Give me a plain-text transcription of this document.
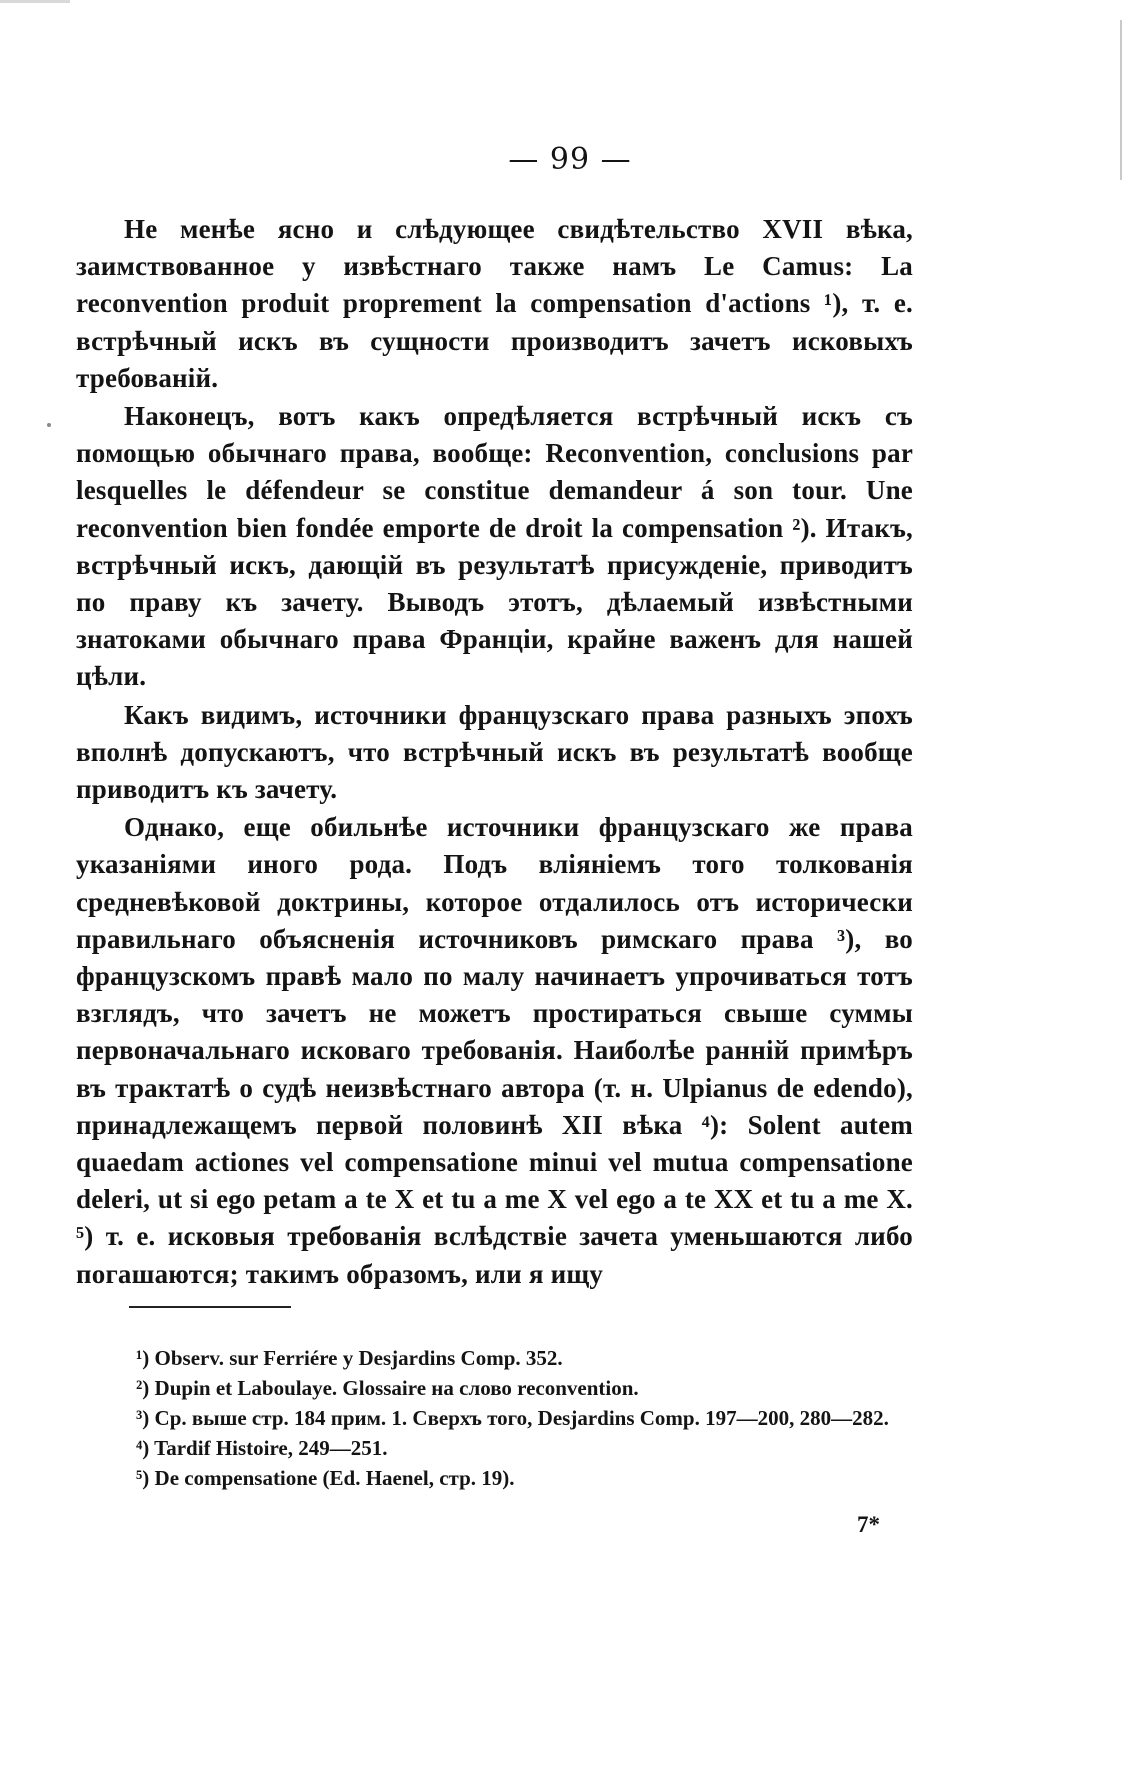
— 99 —

Не менѣе ясно и слѣдующее свидѣтельство XVII вѣка, заимствованное у извѣстнаго также намъ Le Camus: La reconvention produit proprement la compensation d'actions ¹), т. е. встрѣчный искъ въ сущности производитъ зачетъ исковыхъ требованій.

Наконецъ, вотъ какъ опредѣляется встрѣчный искъ съ помощью обычнаго права, вообще: Reconvention, conclusions par lesquelles le défendeur se constitue demandeur á son tour. Une reconvention bien fondée emporte de droit la compensation ²). Итакъ, встрѣчный искъ, дающій въ результатѣ присужденіе, приводитъ по праву къ зачету. Выводъ этотъ, дѣлаемый извѣстными знатоками обычнаго права Франціи, крайне важенъ для нашей цѣли.

Какъ видимъ, источники французскаго права разныхъ эпохъ вполнѣ допускаютъ, что встрѣчный искъ въ результатѣ вообще приводитъ къ зачету.

Однако, еще обильнѣе источники французскаго же права указаніями иного рода. Подъ вліяніемъ того толкованія средневѣковой доктрины, которое отдалилось отъ исторически правильнаго объясненія источниковъ римскаго права ³), во французскомъ правѣ мало по малу начинаетъ упрочиваться тотъ взглядъ, что зачетъ не можетъ простираться свыше суммы первоначальнаго исковаго требованія. Наиболѣе ранній примѣръ въ трактатѣ о судѣ неизвѣстнаго автора (т. н. Ulpianus de edendo), принадлежащемъ первой половинѣ XII вѣка ⁴): Solent autem quaedam actiones vel compensatione minui vel mutua compensatione deleri, ut si ego petam a te X et tu a me X vel ego a te XX et tu a me X. ⁵) т. е. исковыя требованія вслѣдствіе зачета уменьшаются либо погашаются; такимъ образомъ, или я ищу

¹) Observ. sur Ferriére y Desjardins Comp. 352.

²) Dupin et Laboulaye. Glossaire на слово reconvention.

³) Ср. выше стр. 184 прим. 1. Сверхъ того, Desjardins Comp. 197—200, 280—282.

⁴) Tardif Histoire, 249—251.

⁵) De compensatione (Ed. Haenel, стр. 19).

7*
